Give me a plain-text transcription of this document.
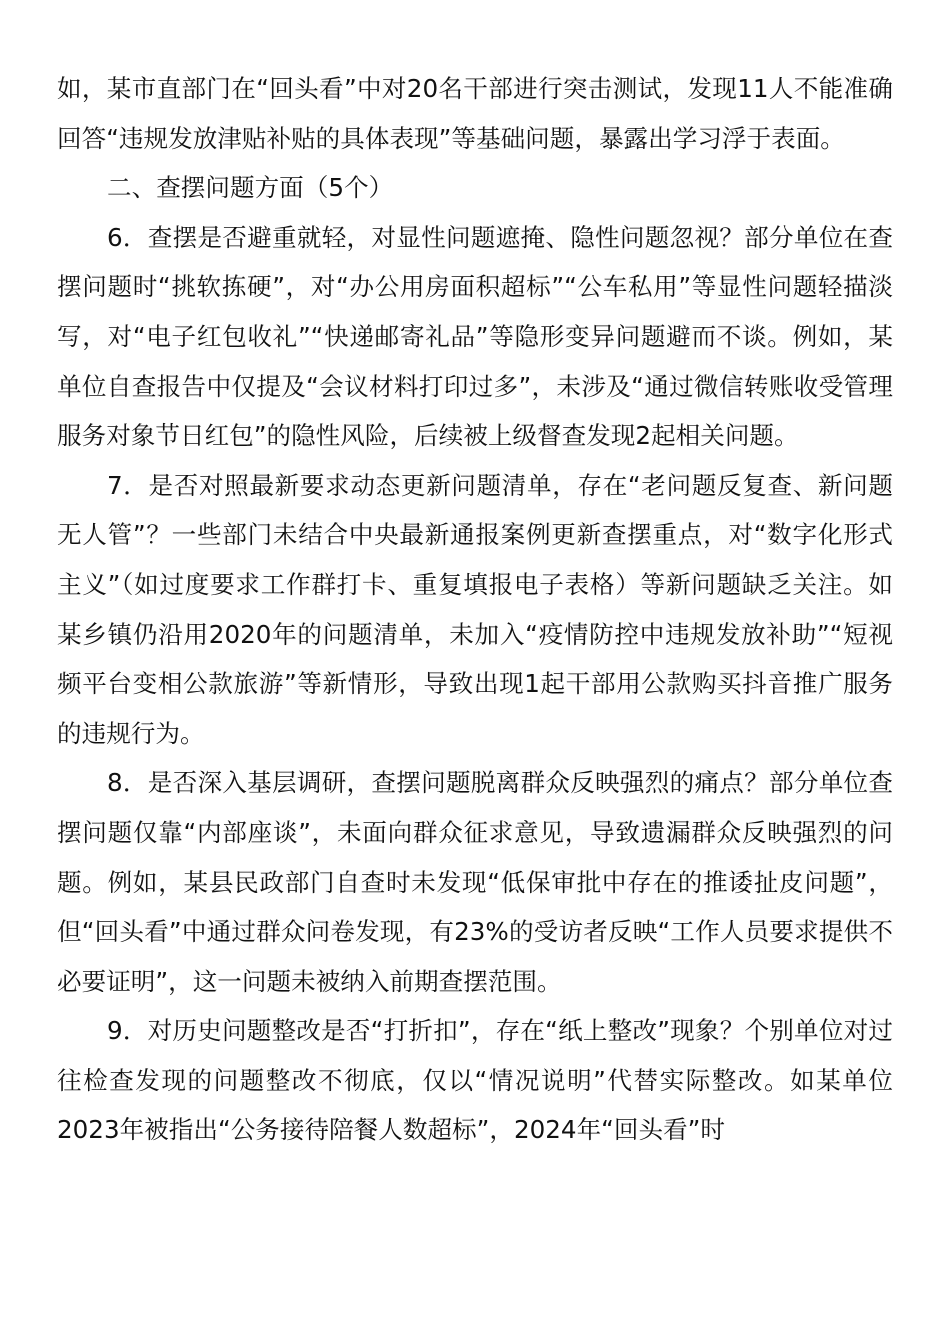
如，某市直部门在“回头看”中对20名干部进行突击测试，发现11人不能准确回答“违规发放津贴补贴的具体表现”等基础问题，暴露出学习浮于表面。

二、查摆问题方面（5个）

6．查摆是否避重就轻，对显性问题遮掩、隐性问题忽视？部分单位在查摆问题时“挑软拣硬”，对“办公用房面积超标”“公车私用”等显性问题轻描淡写，对“电子红包收礼”“快递邮寄礼品”等隐形变异问题避而不谈。例如，某单位自查报告中仅提及“会议材料打印过多”，未涉及“通过微信转账收受管理服务对象节日红包”的隐性风险，后续被上级督查发现2起相关问题。

7．是否对照最新要求动态更新问题清单，存在“老问题反复查、新问题无人管”？一些部门未结合中央最新通报案例更新查摆重点，对“数字化形式主义”（如过度要求工作群打卡、重复填报电子表格）等新问题缺乏关注。如某乡镇仍沿用2020年的问题清单，未加入“疫情防控中违规发放补助”“短视频平台变相公款旅游”等新情形，导致出现1起干部用公款购买抖音推广服务的违规行为。

8．是否深入基层调研，查摆问题脱离群众反映强烈的痛点？部分单位查摆问题仅靠“内部座谈”，未面向群众征求意见，导致遗漏群众反映强烈的问题。例如，某县民政部门自查时未发现“低保审批中存在的推诿扯皮问题”，但“回头看”中通过群众问卷发现，有23%的受访者反映“工作人员要求提供不必要证明”，这一问题未被纳入前期查摆范围。

9．对历史问题整改是否“打折扣”，存在“纸上整改”现象？个别单位对过往检查发现的问题整改不彻底，仅以“情况说明”代替实际整改。如某单位2023年被指出“公务接待陪餐人数超标”，2024年“回头看”时
